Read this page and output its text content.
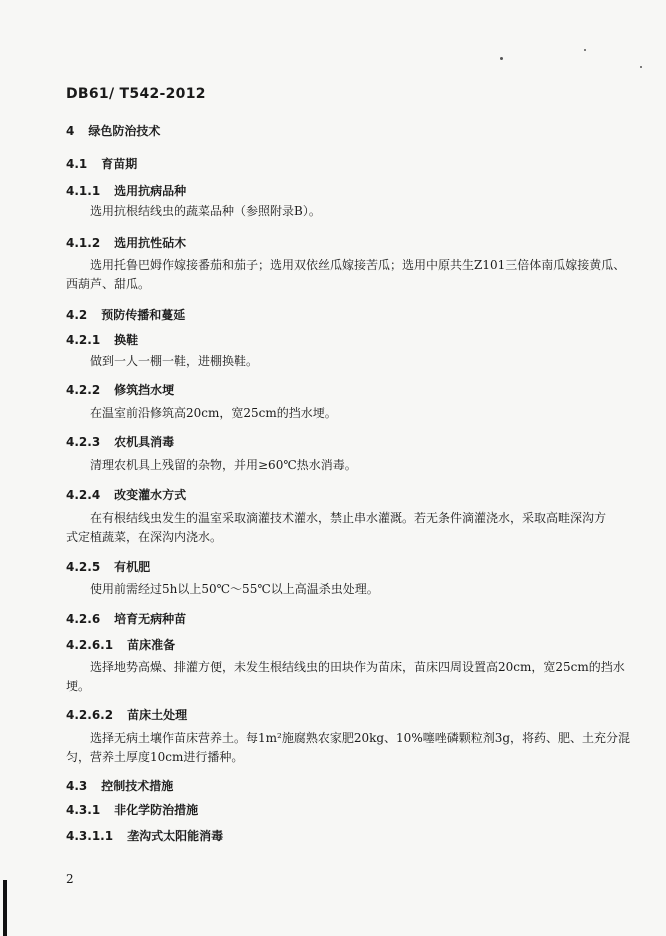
DB61/ T542-2012
4 绿色防治技术
4.1 育苗期
4.1.1 选用抗病品种
选用抗根结线虫的蔬菜品种（参照附录B）。
4.1.2 选用抗性砧木
选用托鲁巴姆作嫁接番茄和茄子；选用双依丝瓜嫁接苦瓜；选用中原共生Z101三倍体南瓜嫁接黄瓜、
西葫芦、甜瓜。
4.2 预防传播和蔓延
4.2.1 换鞋
做到一人一棚一鞋，进棚换鞋。
4.2.2 修筑挡水埂
在温室前沿修筑高20cm，宽25cm的挡水埂。
4.2.3 农机具消毒
清理农机具上残留的杂物，并用≥60℃热水消毒。
4.2.4 改变灌水方式
在有根结线虫发生的温室采取滴灌技术灌水，禁止串水灌溉。若无条件滴灌浇水，采取高畦深沟方
式定植蔬菜，在深沟内浇水。
4.2.5 有机肥
使用前需经过5h以上50℃～55℃以上高温杀虫处理。
4.2.6 培育无病种苗
4.2.6.1 苗床准备
选择地势高燥、排灌方便，未发生根结线虫的田块作为苗床，苗床四周设置高20cm，宽25cm的挡水
埂。
4.2.6.2 苗床土处理
选择无病土壤作苗床营养土。每1m²施腐熟农家肥20kg、10%噻唑磷颗粒剂3g，将药、肥、土充分混
匀，营养土厚度10cm进行播种。
4.3 控制技术措施
4.3.1 非化学防治措施
4.3.1.1 垄沟式太阳能消毒
2
